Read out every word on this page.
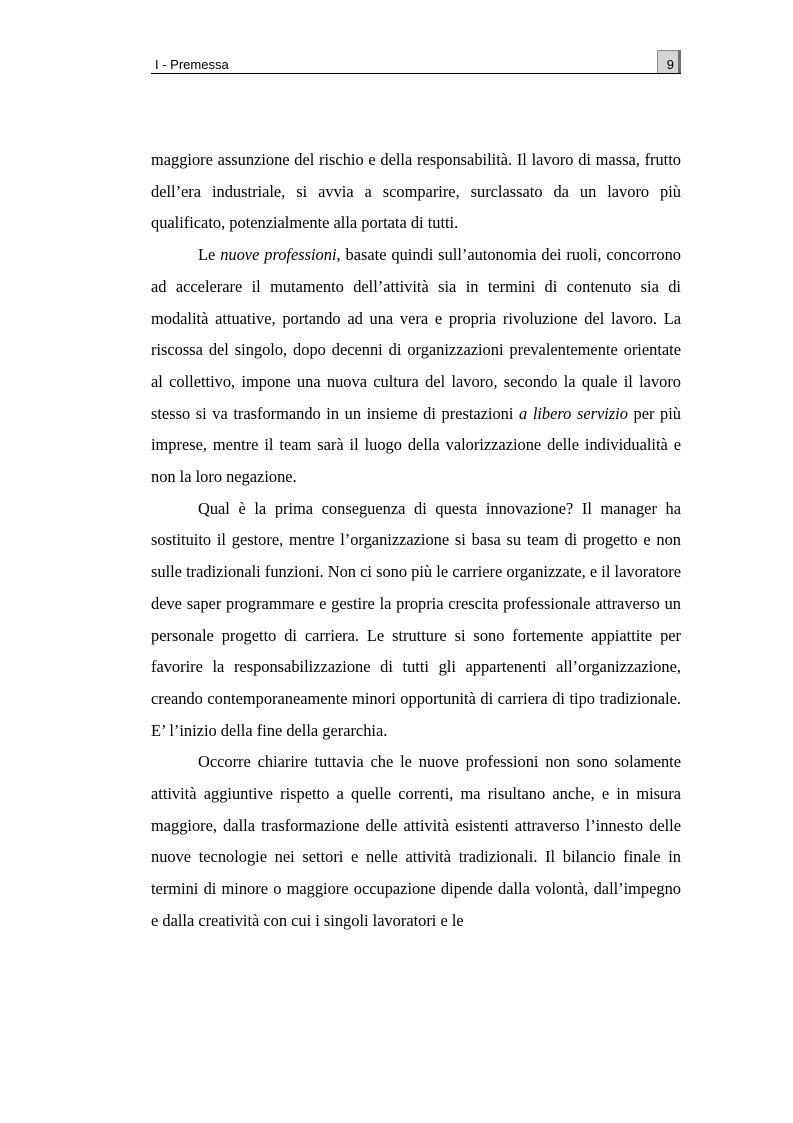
I - Premessa	9

maggiore assunzione del rischio e della responsabilità. Il lavoro di massa, frutto dell’era industriale, si avvia a scomparire, surclassato da un lavoro più qualificato, potenzialmente alla portata di tutti.

Le nuove professioni, basate quindi sull’autonomia dei ruoli, concorrono ad accelerare il mutamento dell’attività sia in termini di contenuto sia di modalità attuative, portando ad una vera e propria rivoluzione del lavoro. La riscossa del singolo, dopo decenni di organizzazioni prevalentemente orientate al collettivo, impone una nuova cultura del lavoro, secondo la quale il lavoro stesso si va trasformando in un insieme di prestazioni a libero servizio per più imprese, mentre il team sarà il luogo della valorizzazione delle individualità e non la loro negazione.

Qual è la prima conseguenza di questa innovazione? Il manager ha sostituito il gestore, mentre l’organizzazione si basa su team di progetto e non sulle tradizionali funzioni. Non ci sono più le carriere organizzate, e il lavoratore deve saper programmare e gestire la propria crescita professionale attraverso un personale progetto di carriera. Le strutture si sono fortemente appiattite per favorire la responsabilizzazione di tutti gli appartenenti all’organizzazione, creando contemporaneamente minori opportunità di carriera di tipo tradizionale. E’ l’inizio della fine della gerarchia.

Occorre chiarire tuttavia che le nuove professioni non sono solamente attività aggiuntive rispetto a quelle correnti, ma risultano anche, e in misura maggiore, dalla trasformazione delle attività esistenti attraverso l’innesto delle nuove tecnologie nei settori e nelle attività tradizionali. Il bilancio finale in termini di minore o maggiore occupazione dipende dalla volontà, dall’impegno e dalla creatività con cui i singoli lavoratori e le
